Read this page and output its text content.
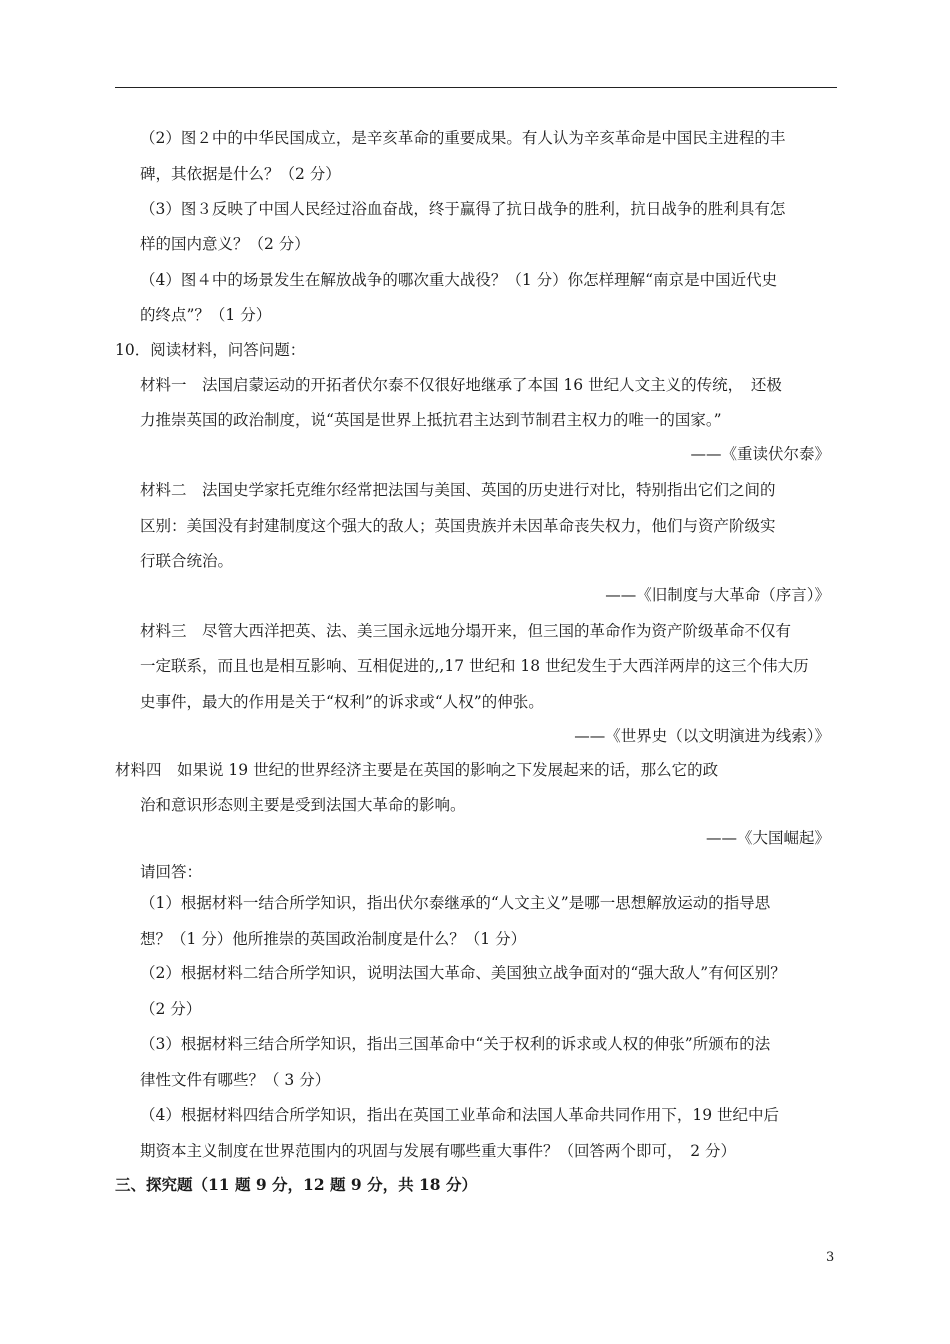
（2）图２中的中华民国成立，是辛亥革命的重要成果。有人认为辛亥革命是中国民主进程的丰
碑，其依据是什么？（2 分）
（3）图３反映了中国人民经过浴血奋战，终于赢得了抗日战争的胜利，抗日战争的胜利具有怎
样的国内意义？（2 分）
（4）图４中的场景发生在解放战争的哪次重大战役？（1 分）你怎样理解“南京是中国近代史
的终点”？（1 分）
10．阅读材料，问答问题：
材料一　法国启蒙运动的开拓者伏尔泰不仅很好地继承了本国 16 世纪人文主义的传统，　还极
力推崇英国的政治制度，说“英国是世界上抵抗君主达到节制君主权力的唯一的国家。”
——《重读伏尔泰》
材料二　法国史学家托克维尔经常把法国与美国、英国的历史进行对比，特别指出它们之间的
区别：美国没有封建制度这个强大的敌人；英国贵族并未因革命丧失权力，他们与资产阶级实
行联合统治。
——《旧制度与大革命（序言）》
材料三　尽管大西洋把英、法、美三国永远地分塌开来，但三国的革命作为资产阶级革命不仅有
一定联系，而且也是相互影响、互相促进的,,17 世纪和 18 世纪发生于大西洋两岸的这三个伟大历
史事件，最大的作用是关于“权利”的诉求或“人权”的伸张。
——《世界史（以文明演进为线索）》
材料四　如果说 19 世纪的世界经济主要是在英国的影响之下发展起来的话，那么它的政
治和意识形态则主要是受到法国大革命的影响。
——《大国崛起》
请回答：
（1）根据材料一结合所学知识，指出伏尔泰继承的“人文主义”是哪一思想解放运动的指导思
想？（1 分）他所推崇的英国政治制度是什么？（1 分）
（2）根据材料二结合所学知识，说明法国大革命、美国独立战争面对的“强大敌人”有何区别？
（2 分）
（3）根据材料三结合所学知识，指出三国革命中“关于权利的诉求或人权的伸张”所颁布的法
律性文件有哪些？（ 3 分）
（4）根据材料四结合所学知识，指出在英国工业革命和法国人革命共同作用下，19 世纪中后
期资本主义制度在世界范围内的巩固与发展有哪些重大事件？（回答两个即可，　2 分）
三、探究题（11 题 9 分，12 题 9 分，共 18 分）
3
